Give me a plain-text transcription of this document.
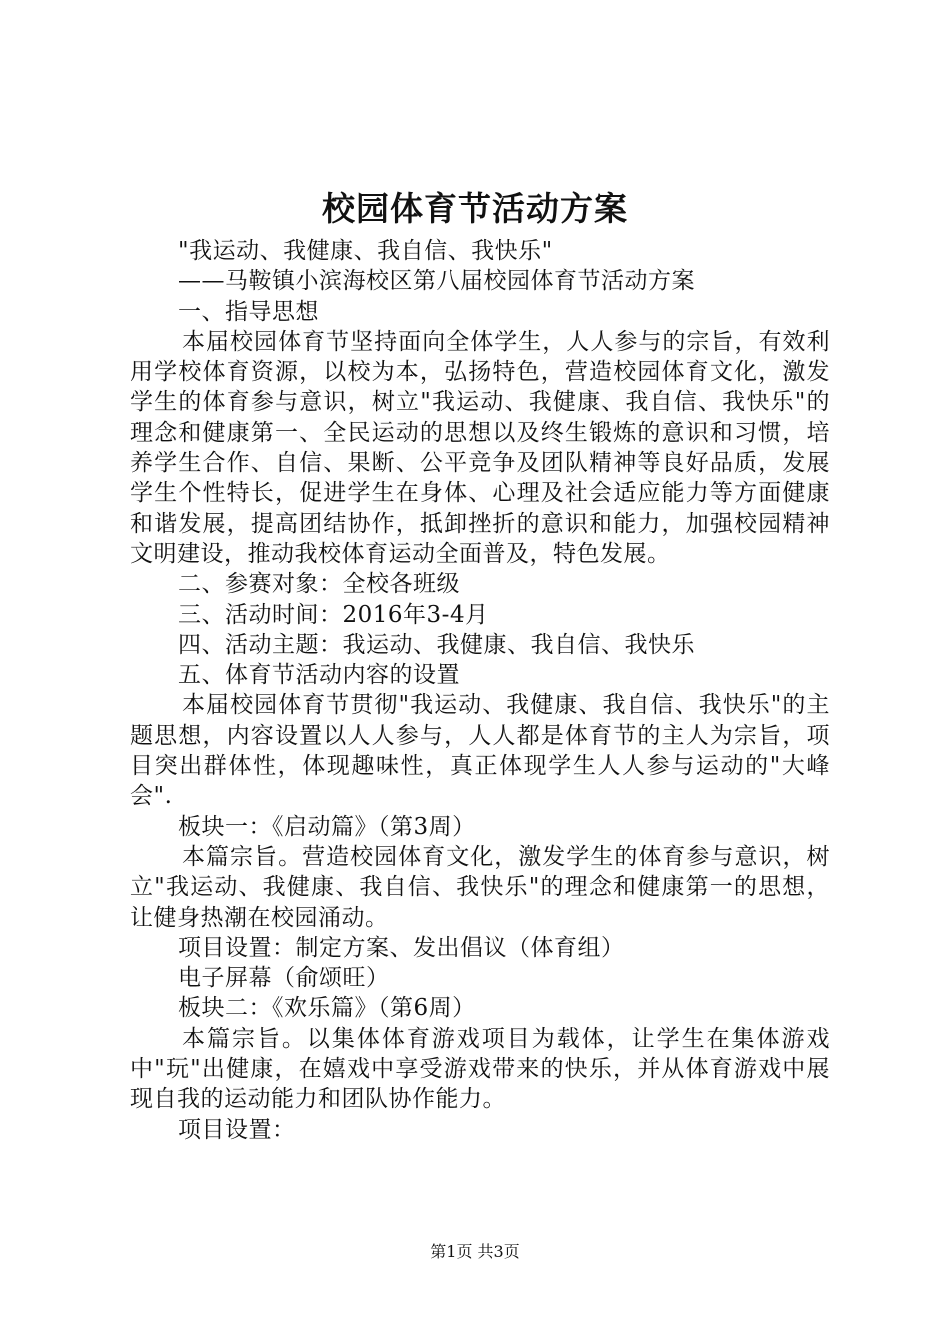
校园体育节活动方案

"我运动、我健康、我自信、我快乐"

——马鞍镇小滨海校区第八届校园体育节活动方案

一、指导思想

本届校园体育节坚持面向全体学生，人人参与的宗旨，有效利用学校体育资源，以校为本，弘扬特色，营造校园体育文化，激发学生的体育参与意识，树立"我运动、我健康、我自信、我快乐"的理念和健康第一、全民运动的思想以及终生锻炼的意识和习惯，培养学生合作、自信、果断、公平竞争及团队精神等良好品质，发展学生个性特长，促进学生在身体、心理及社会适应能力等方面健康和谐发展，提高团结协作，抵卸挫折的意识和能力，加强校园精神文明建设，推动我校体育运动全面普及，特色发展。

二、参赛对象：全校各班级

三、活动时间：2016年3-4月

四、活动主题：我运动、我健康、我自信、我快乐

五、体育节活动内容的设置

本届校园体育节贯彻"我运动、我健康、我自信、我快乐"的主题思想，内容设置以人人参与，人人都是体育节的主人为宗旨，项目突出群体性，体现趣味性，真正体现学生人人参与运动的"大峰会".

板块一：《启动篇》（第3周）

本篇宗旨。营造校园体育文化，激发学生的体育参与意识，树立"我运动、我健康、我自信、我快乐"的理念和健康第一的思想，让健身热潮在校园涌动。

项目设置：制定方案、发出倡议（体育组）

电子屏幕（俞颂旺）

板块二：《欢乐篇》（第6周）

本篇宗旨。以集体体育游戏项目为载体，让学生在集体游戏中"玩"出健康，在嬉戏中享受游戏带来的快乐，并从体育游戏中展现自我的运动能力和团队协作能力。

项目设置：

第1页 共3页
